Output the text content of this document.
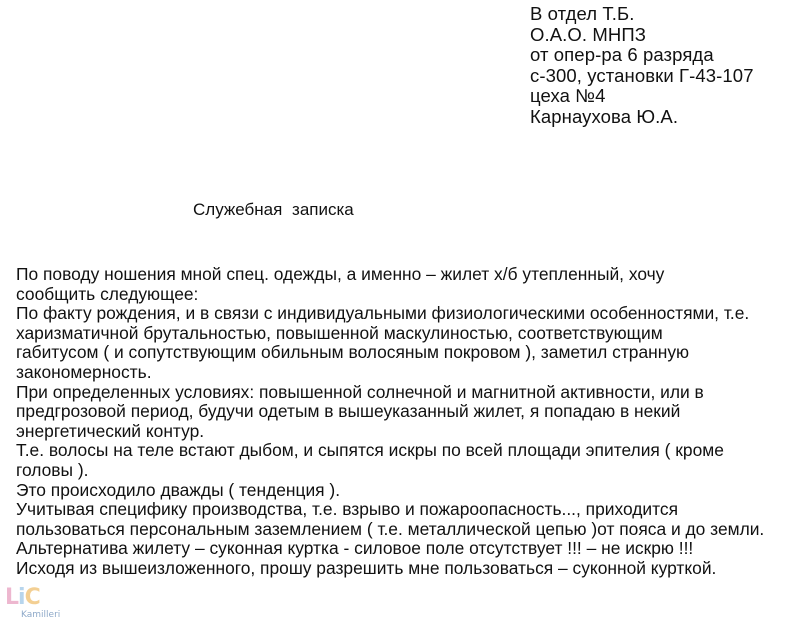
В отдел Т.Б.
О.А.О. МНПЗ
от опер-ра 6 разряда
с-300, установки Г-43-107
цеха №4
Карнаухова Ю.А.
Служебная записка
По поводу ношения мной спец. одежды, а именно – жилет х/б утепленный, хочу
сообщить следующее:
По факту рождения, и в связи с индивидуальными физиологическими особенностями, т.е.
харизматичной брутальностью, повышенной маскулиностью, соответствующим
габитусом ( и сопутствующим обильным волосяным покровом ), заметил странную
закономерность.
При определенных условиях: повышенной солнечной и магнитной активности, или в
предгрозовой период, будучи одетым в вышеуказанный жилет, я попадаю в некий
энергетический контур.
Т.е. волосы на теле встают дыбом, и сыпятся искры по всей площади эпителия ( кроме
головы ).
Это происходило дважды ( тенденция ).
Учитывая специфику производства, т.е. взрыво и пожароопасность..., приходится
пользоваться персональным заземлением ( т.е. металлической цепью )от пояса и до земли.
Альтернатива жилету – суконная куртка - силовое поле отсутствует !!! – не искрю !!!
Исходя из вышеизложенного, прошу разрешить мне пользоваться – суконной курткой.
LiC
Kamilleri
